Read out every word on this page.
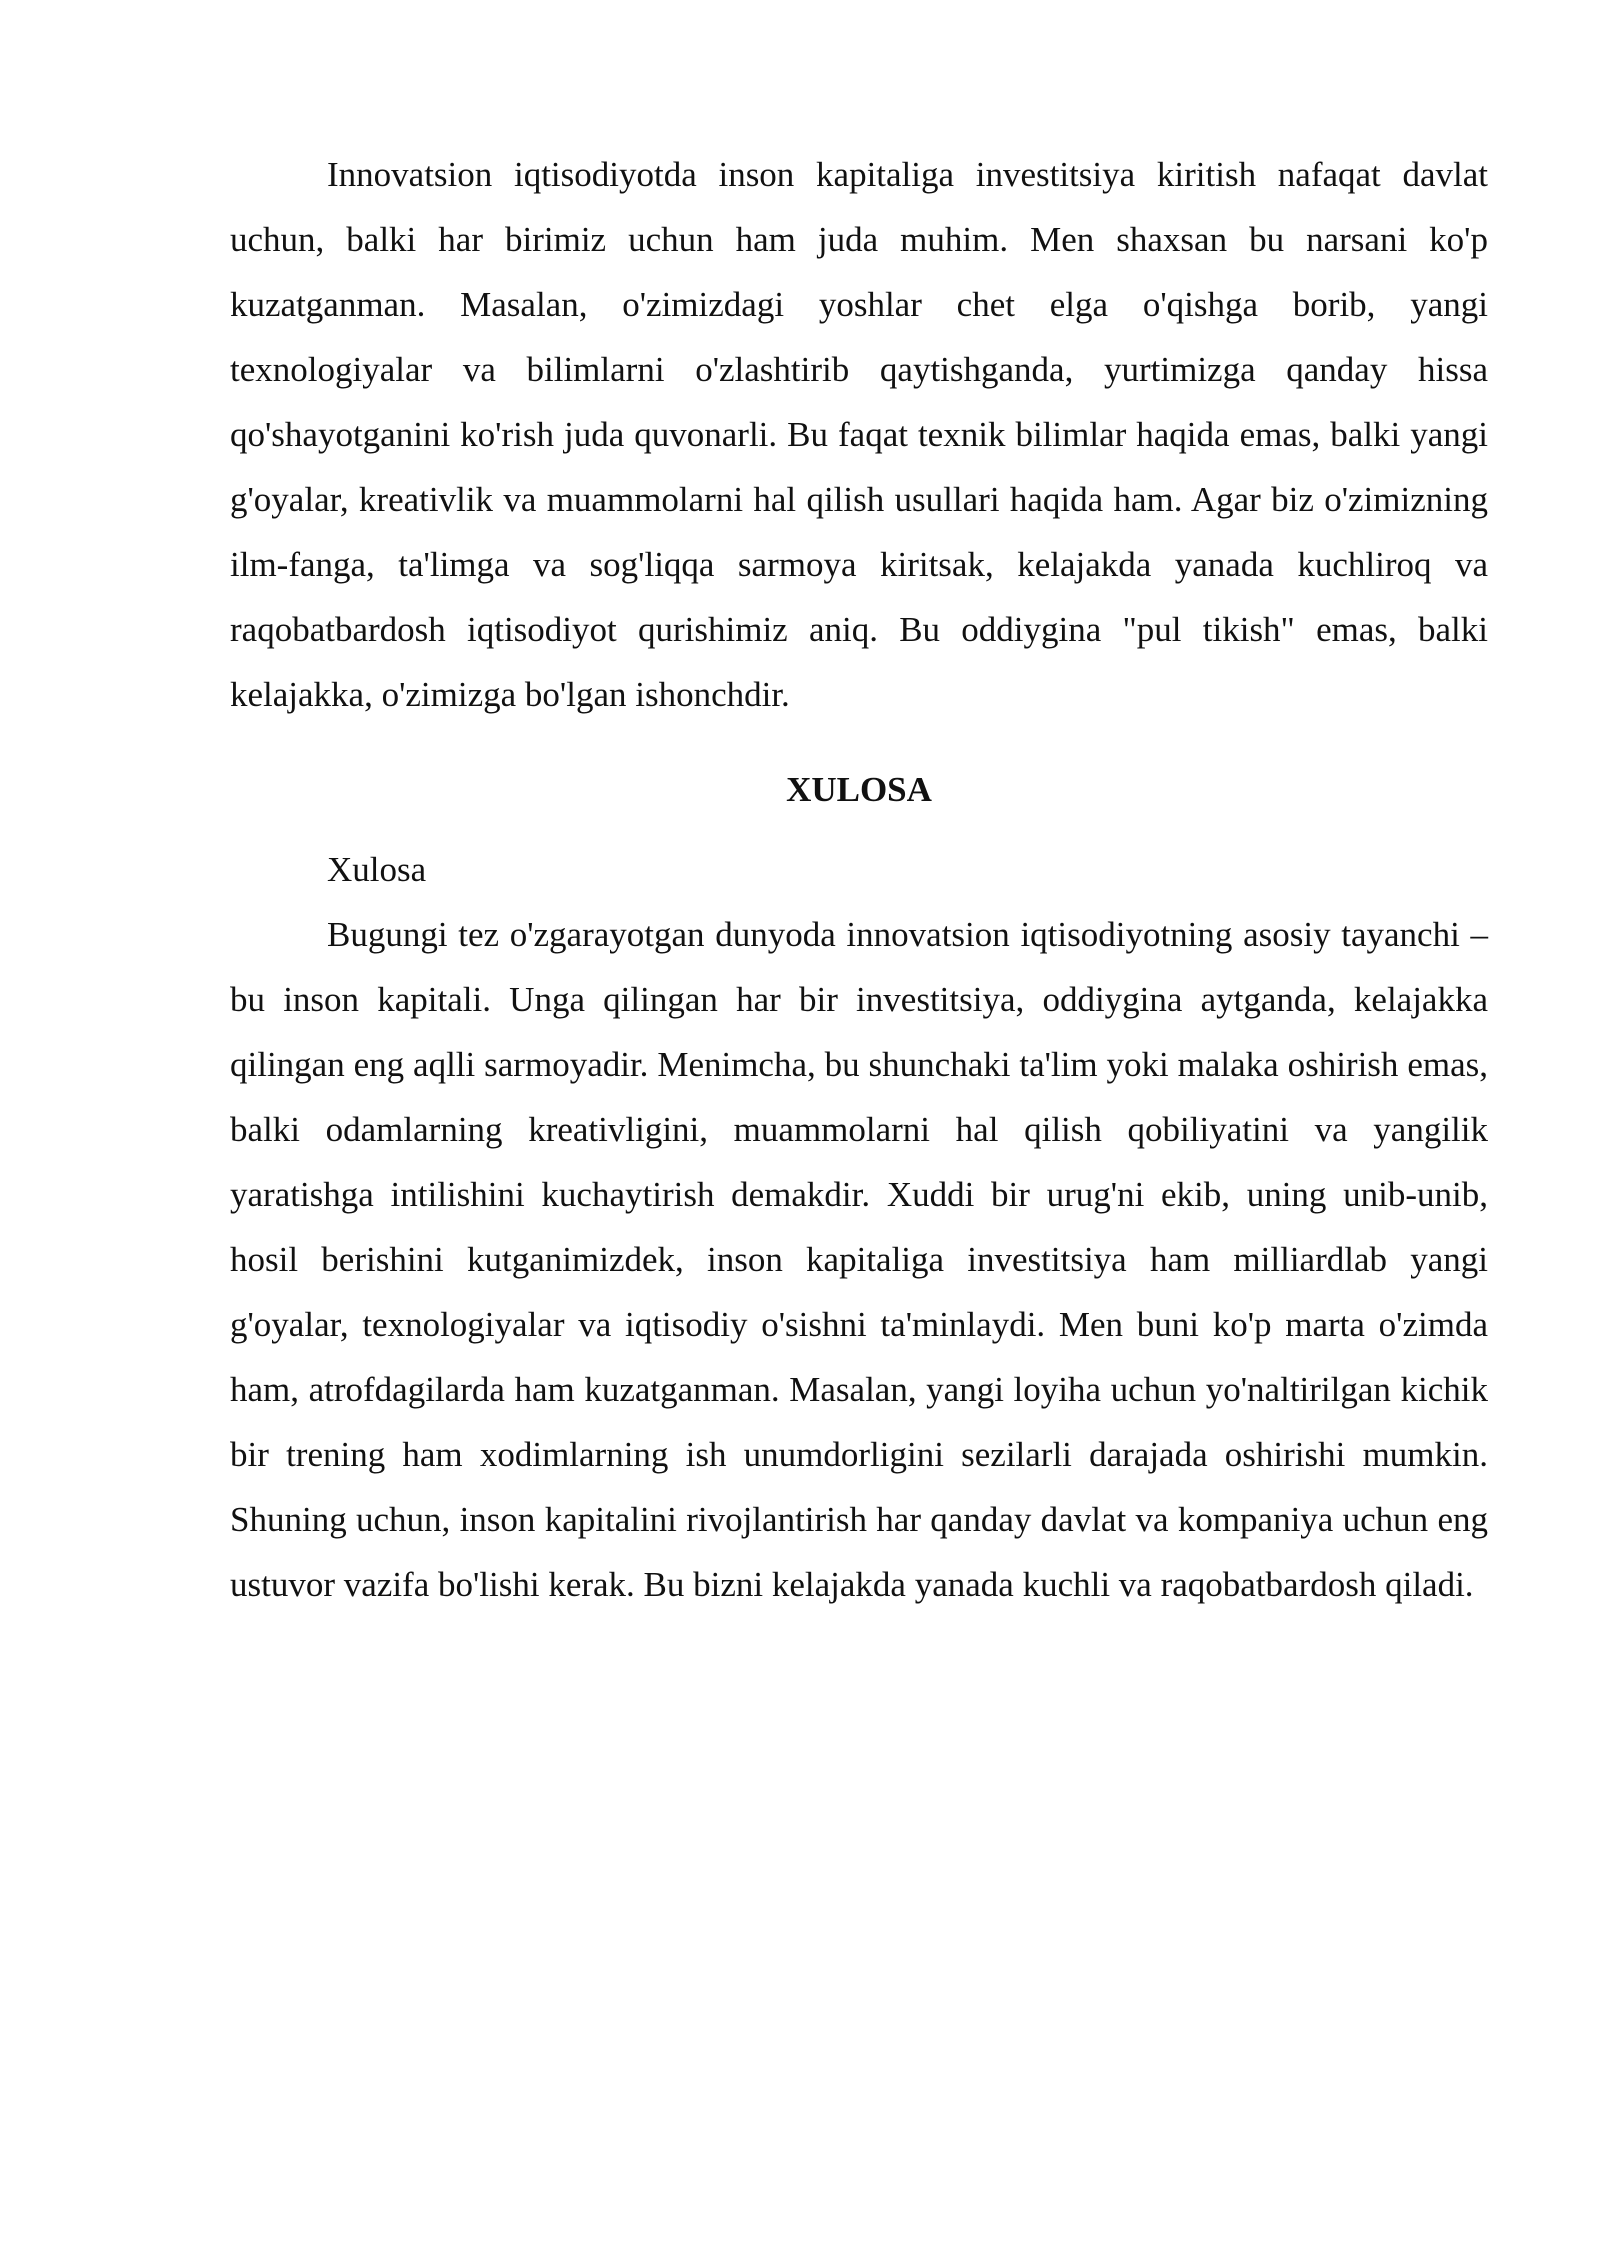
Innovatsion iqtisodiyotda inson kapitaliga investitsiya kiritish nafaqat davlat uchun, balki har birimiz uchun ham juda muhim. Men shaxsan bu narsani ko'p kuzatganman. Masalan, o'zimizdagi yoshlar chet elga o'qishga borib, yangi texnologiyalar va bilimlarni o'zlashtirib qaytishganda, yurtimizga qanday hissa qo'shayotganini ko'rish juda quvonarli. Bu faqat texnik bilimlar haqida emas, balki yangi g'oyalar, kreativlik va muammolarni hal qilish usullari haqida ham. Agar biz o'zimizning ilm-fanga, ta'limga va sog'liqqa sarmoya kiritsak, kelajakda yanada kuchliroq va raqobatbardosh iqtisodiyot qurishimiz aniq. Bu oddiygina "pul tikish" emas, balki kelajakka, o'zimizga bo'lgan ishonchdir.

XULOSA

Xulosa

Bugungi tez o'zgarayotgan dunyoda innovatsion iqtisodiyotning asosiy tayanchi – bu inson kapitali. Unga qilingan har bir investitsiya, oddiygina aytganda, kelajakka qilingan eng aqlli sarmoyadir. Menimcha, bu shunchaki ta'lim yoki malaka oshirish emas, balki odamlarning kreativligini, muammolarni hal qilish qobiliyatini va yangilik yaratishga intilishini kuchaytirish demakdir. Xuddi bir urug'ni ekib, uning unib-unib, hosil berishini kutganimizdek, inson kapitaliga investitsiya ham milliardlab yangi g'oyalar, texnologiyalar va iqtisodiy o'sishni ta'minlaydi. Men buni ko'p marta o'zimda ham, atrofdagilarda ham kuzatganman. Masalan, yangi loyiha uchun yo'naltirilgan kichik bir trening ham xodimlarning ish unumdorligini sezilarli darajada oshirishi mumkin. Shuning uchun, inson kapitalini rivojlantirish har qanday davlat va kompaniya uchun eng ustuvor vazifa bo'lishi kerak. Bu bizni kelajakda yanada kuchli va raqobatbardosh qiladi.
